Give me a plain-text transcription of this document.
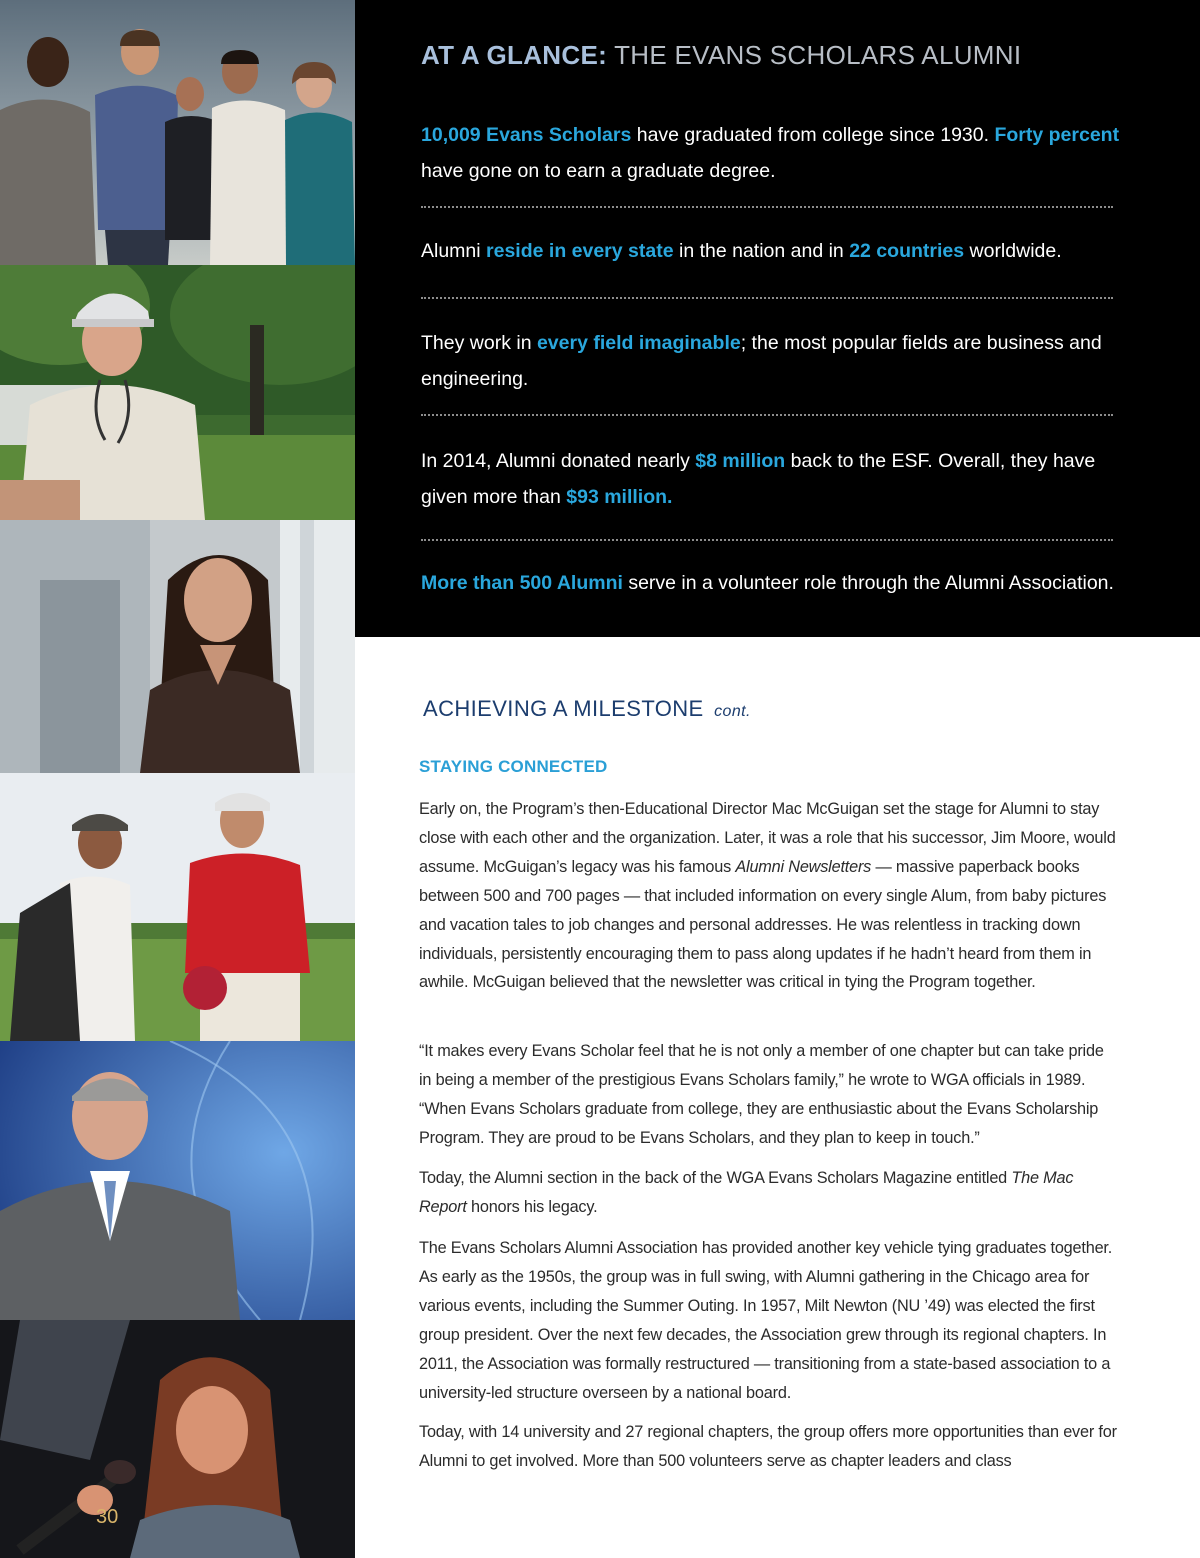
30
AT A GLANCE: THE EVANS SCHOLARS ALUMNI
10,009 Evans Scholars have graduated from college since 1930. Forty percent have gone on to earn a graduate degree.
Alumni reside in every state in the nation and in 22 countries worldwide.
They work in every field imaginable; the most popular fields are business and engineering.
In 2014, Alumni donated nearly $8 million back to the ESF. Overall, they have given more than $93 million.
More than 500 Alumni serve in a volunteer role through the Alumni Association.
ACHIEVING A MILESTONE cont.
STAYING CONNECTED

Early on, the Program’s then-Educational Director Mac McGuigan set the stage for Alumni to stay close with each other and the organization. Later, it was a role that his successor, Jim Moore, would assume. McGuigan’s legacy was his famous Alumni Newsletters — massive paperback books between 500 and 700 pages — that included information on every single Alum, from baby pictures and vacation tales to job changes and personal addresses. He was relentless in tracking down individuals, persistently encouraging them to pass along updates if he hadn’t heard from them in awhile. McGuigan believed that the newsletter was critical in tying the Program together.

“It makes every Evans Scholar feel that he is not only a member of one chapter but can take pride in being a member of the prestigious Evans Scholars family,” he wrote to WGA officials in 1989. “When Evans Scholars graduate from college, they are enthusiastic about the Evans Scholarship Program. They are proud to be Evans Scholars, and they plan to keep in touch.”

Today, the Alumni section in the back of the WGA Evans Scholars Magazine entitled The Mac Report honors his legacy.

The Evans Scholars Alumni Association has provided another key vehicle tying graduates together. As early as the 1950s, the group was in full swing, with Alumni gathering in the Chicago area for various events, including the Summer Outing. In 1957, Milt Newton (NU ’49) was elected the first group president. Over the next few decades, the Association grew through its regional chapters. In 2011, the Association was formally restructured — transitioning from a state-based association to a university-led structure overseen by a national board.

Today, with 14 university and 27 regional chapters, the group offers more opportunities than ever for Alumni to get involved. More than 500 volunteers serve as chapter leaders and class
